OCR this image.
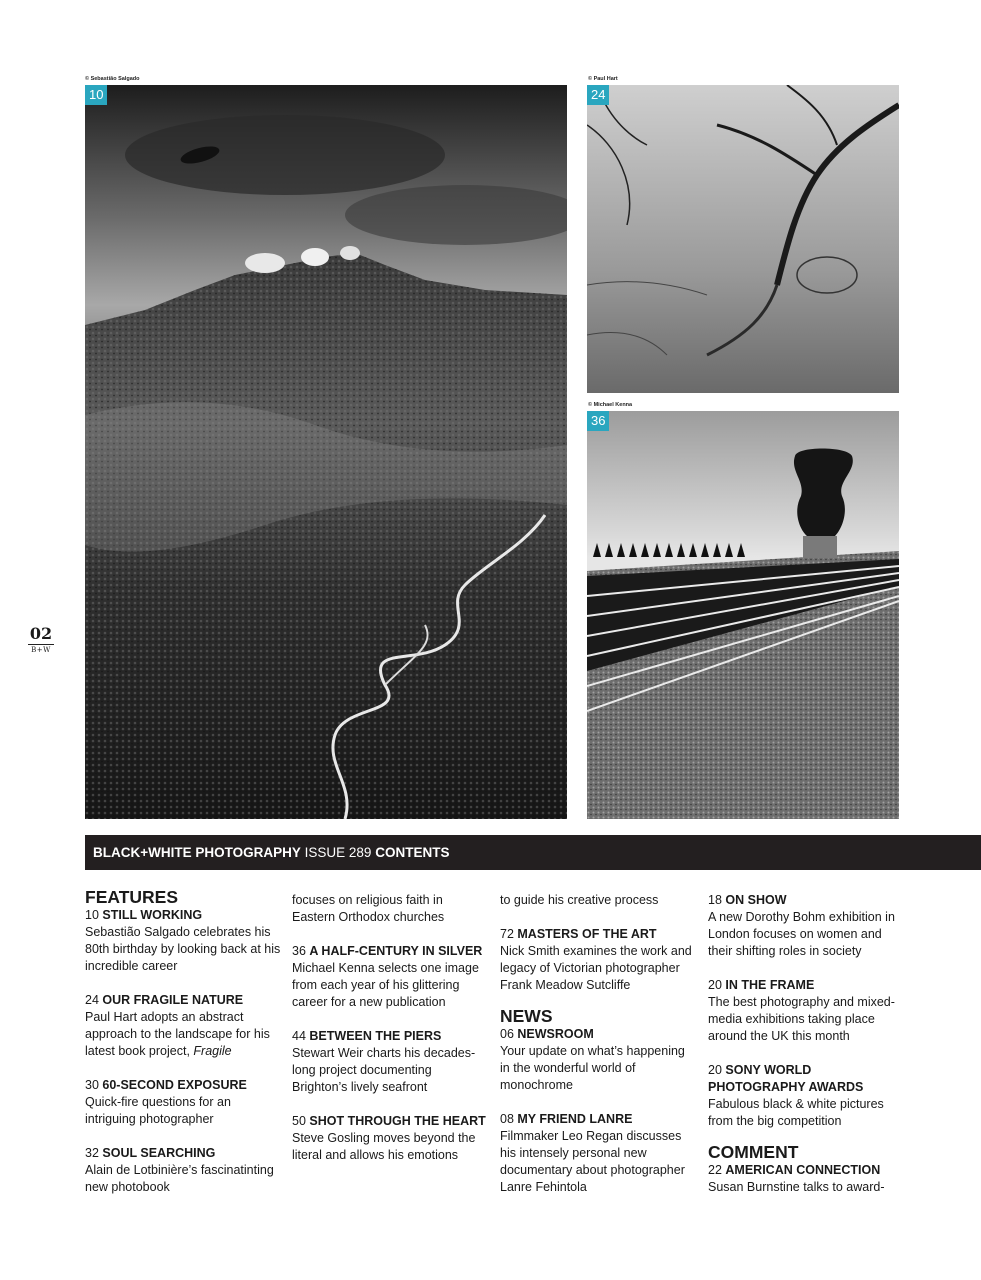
© Sebastião Salgado	© Paul Hart
© Michael Kenna
10	24
36
02
B+W
BLACK+WHITE PHOTOGRAPHY ISSUE 289 CONTENTS
FEATURES
10 STILL WORKING
Sebastião Salgado celebrates his 80th birthday by looking back at his incredible career
24 OUR FRAGILE NATURE
Paul Hart adopts an abstract approach to the landscape for his latest book project, Fragile
30 60-SECOND EXPOSURE
Quick-fire questions for an intriguing photographer
32 SOUL SEARCHING
Alain de Lotbinière’s fascinatinting new photobook
focuses on religious faith in Eastern Orthodox churches
36 A HALF-CENTURY IN SILVER
Michael Kenna selects one image from each year of his glittering career for a new publication
44 BETWEEN THE PIERS
Stewart Weir charts his decades-long project documenting Brighton’s lively seafront
50 SHOT THROUGH THE HEART
Steve Gosling moves beyond the literal and allows his emotions
to guide his creative process
72 MASTERS OF THE ART
Nick Smith examines the work and legacy of Victorian photographer Frank Meadow Sutcliffe
NEWS
06 NEWSROOM
Your update on what’s happening in the wonderful world of monochrome
08 MY FRIEND LANRE
Filmmaker Leo Regan discusses his intensely personal new documentary about photographer Lanre Fehintola
18 ON SHOW
A new Dorothy Bohm exhibition in London focuses on women and their shifting roles in society
20 IN THE FRAME
The best photography and mixed-media exhibitions taking place around the UK this month
20 SONY WORLD PHOTOGRAPHY AWARDS
Fabulous black & white pictures from the big competition
COMMENT
22 AMERICAN CONNECTION
Susan Burnstine talks to award-
